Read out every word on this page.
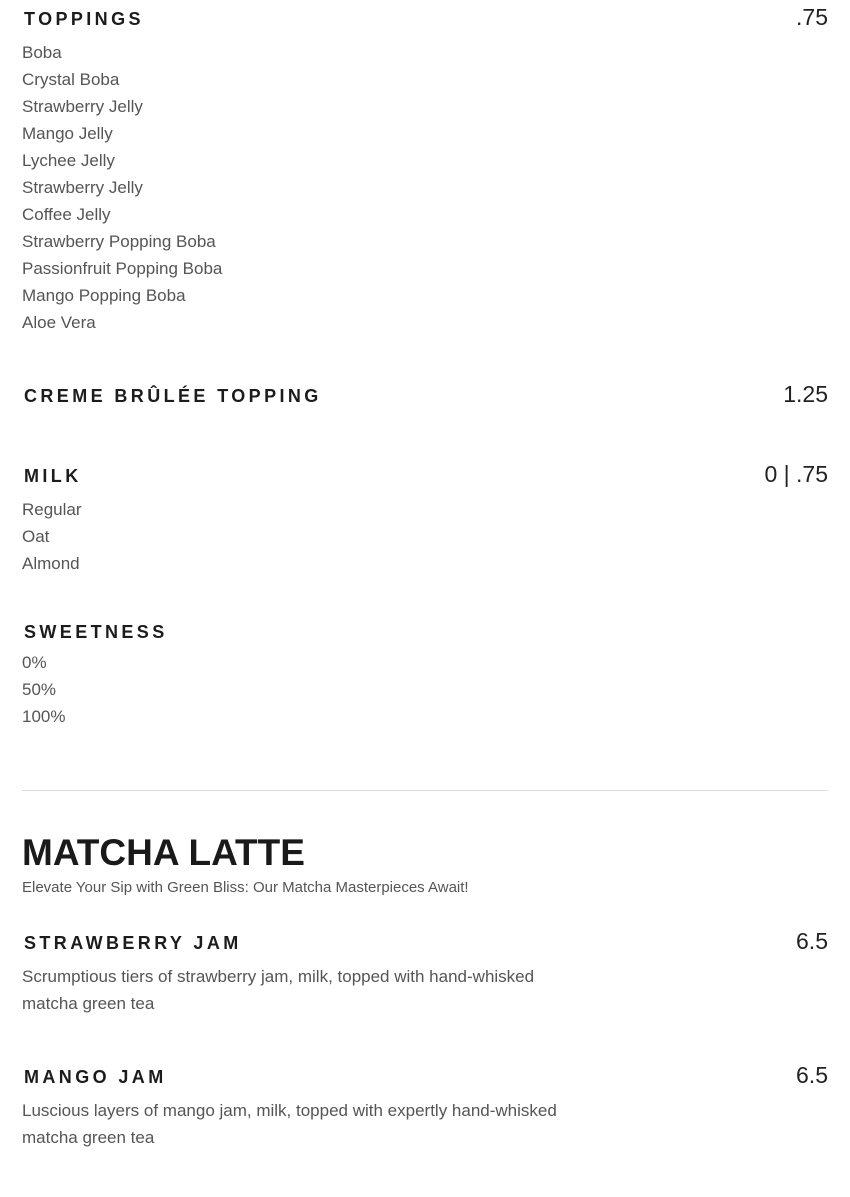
TOPPINGS	.75
Boba
Crystal Boba
Strawberry Jelly
Mango Jelly
Lychee Jelly
Strawberry Jelly
Coffee Jelly
Strawberry Popping Boba
Passionfruit Popping Boba
Mango Popping Boba
Aloe Vera
CREME BRÛLÉE TOPPING	1.25
MILK	0 | .75
Regular
Oat
Almond
SWEETNESS
0%
50%
100%
MATCHA LATTE
Elevate Your Sip with Green Bliss: Our Matcha Masterpieces Await!
STRAWBERRY JAM	6.5
Scrumptious tiers of strawberry jam, milk, topped with hand-whisked matcha green tea
MANGO JAM	6.5
Luscious layers of mango jam, milk, topped with expertly hand-whisked matcha green tea
